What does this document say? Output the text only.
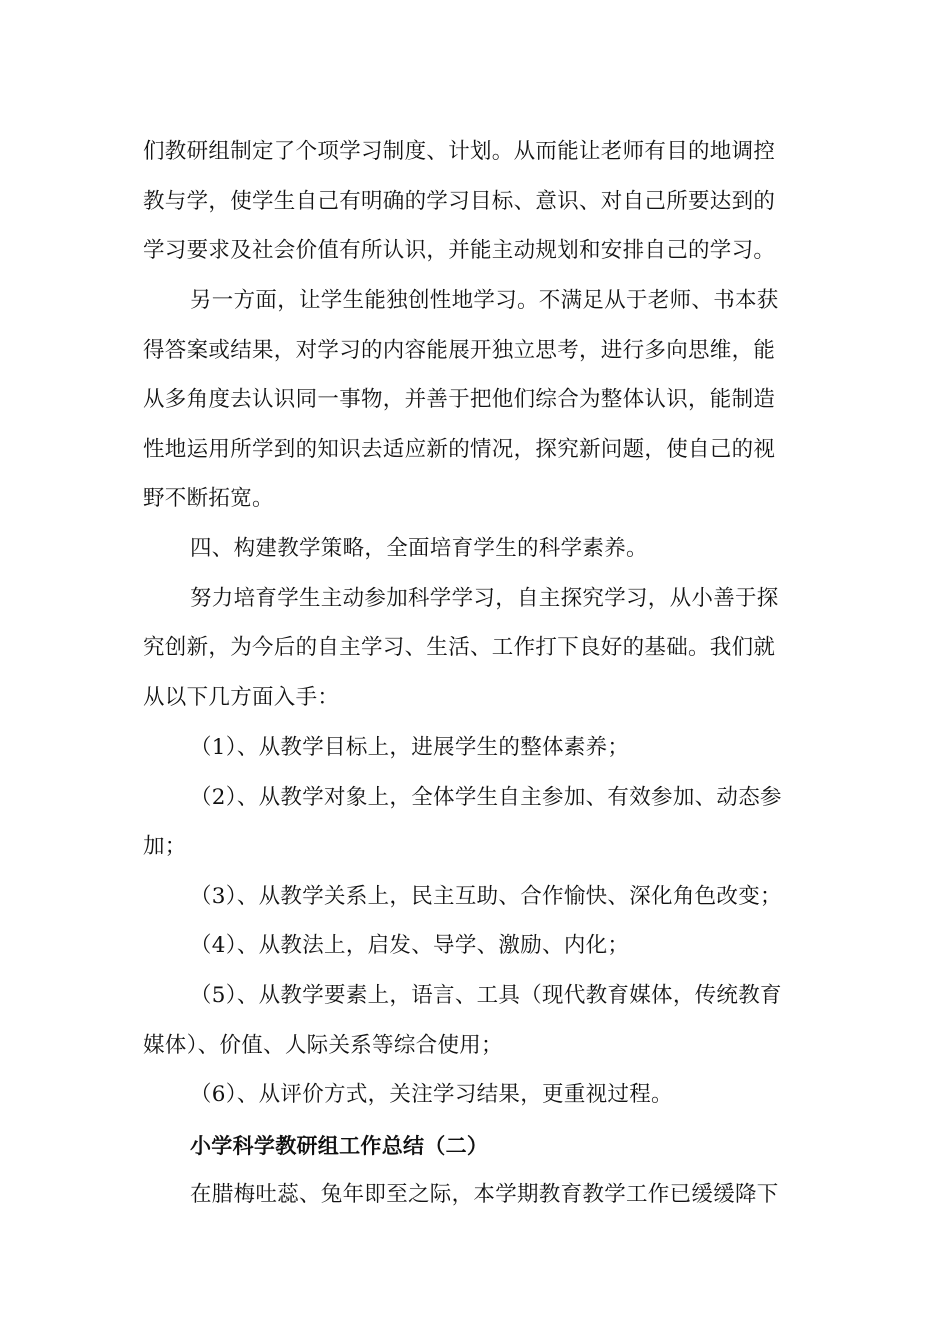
们教研组制定了个项学习制度、计划。从而能让老师有目的地调控
教与学，使学生自己有明确的学习目标、意识、对自己所要达到的
学习要求及社会价值有所认识，并能主动规划和安排自己的学习。
另一方面，让学生能独创性地学习。不满足从于老师、书本获
得答案或结果，对学习的内容能展开独立思考，进行多向思维，能
从多角度去认识同一事物，并善于把他们综合为整体认识，能制造
性地运用所学到的知识去适应新的情况，探究新问题，使自己的视
野不断拓宽。
四、构建教学策略，全面培育学生的科学素养。
努力培育学生主动参加科学学习，自主探究学习，从小善于探
究创新，为今后的自主学习、生活、工作打下良好的基础。我们就
从以下几方面入手：
（1）、从教学目标上，进展学生的整体素养；
（2）、从教学对象上，全体学生自主参加、有效参加、动态参
加；
（3）、从教学关系上，民主互助、合作愉快、深化角色改变；
（4）、从教法上，启发、导学、激励、内化；
（5）、从教学要素上，语言、工具（现代教育媒体，传统教育
媒体）、价值、人际关系等综合使用；
（6）、从评价方式，关注学习结果，更重视过程。
小学科学教研组工作总结（二）
在腊梅吐蕊、兔年即至之际，本学期教育教学工作已缓缓降下
